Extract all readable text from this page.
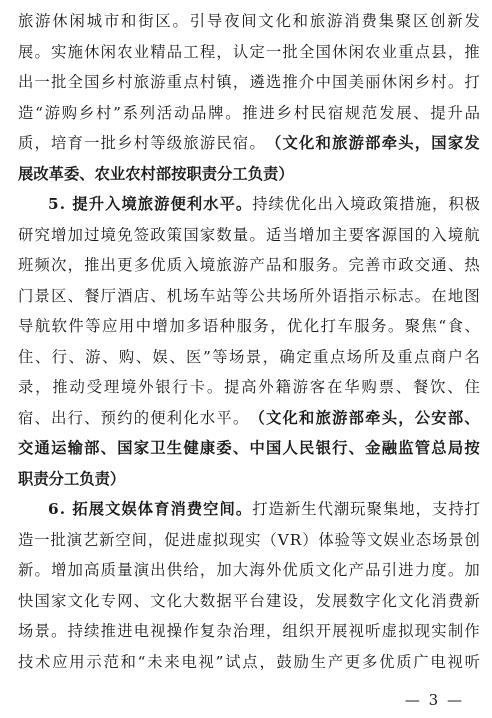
旅 游 休 闲 城 市 和 街 区 。 引 导 夜 间 文 化 和 旅 游 消 费 集 聚 区 创 新 发
展 。 实 施 休 闲 农 业 精 品 工 程 ， 认 定 一 批 全 国 休 闲 农 业 重 点 县 ， 推
出 一 批 全 国 乡 村 旅 游 重 点 村 镇 ， 遴 选 推 介 中 国 美 丽 休 闲 乡 村 。 打
造 “ 游 购 乡 村 ” 系 列 活 动 品 牌 。 推 进 乡 村 民 宿 规 范 发 展 、 提 升 品
质 ， 培 育 一 批 乡 村 等 级 旅 游 民 宿 。 （ 文 化 和 旅 游 部 牵 头 ， 国 家 发
展 改 革 委 、 农 业 农 村 部 按 职 责 分 工 负 责 ）
5 .
提 升 入 境 旅 游 便 利 水 平 。 持 续 优 化 出 入 境 政 策 措 施 ， 积 极
研 究 增 加 过 境 免 签 政 策 国 家 数 量 。 适 当 增 加 主 要 客 源 国 的 入 境 航
班 频 次 ， 推 出 更 多 优 质 入 境 旅 游 产 品 和 服 务 。 完 善 市 政 交 通 、 热
门 景 区 、 餐 厅 酒 店 、 机 场 车 站 等 公 共 场 所 外 语 指 示 标 志 。 在 地 图
导 航 软 件 等 应 用 中 增 加 多 语 种 服 务 ， 优 化 打 车 服 务 。 聚 焦 “ 食 、
住 、 行 、 游 、 购 、 娱 、 医 ” 等 场 景 ， 确 定 重 点 场 所 及 重 点 商 户 名
录 ， 推 动 受 理 境 外 银 行 卡 。 提 高 外 籍 游 客 在 华 购 票 、 餐 饮 、 住
宿 、 出 行 、 预 约 的 便 利 化 水 平 。 （ 文 化 和 旅 游 部 牵 头 ， 公 安 部 、
交 通 运 输 部 、 国 家 卫 生 健 康 委 、 中 国 人 民 银 行 、 金 融 监 管 总 局 按
职 责 分 工 负 责 ）
6 .
拓 展 文 娱 体 育 消 费 空 间 。 打 造 新 生 代 潮 玩 聚 集 地 ， 支 持 打
造 一 批 演 艺 新 空 间 ， 促 进 虚 拟 现 实 （ V R ） 体 验 等 文 娱 业 态 场 景 创
新 。 增 加 高 质 量 演 出 供 给 ， 加 大 海 外 优 质 文 化 产 品 引 进 力 度 。 加
快 国 家 文 化 专 网 、 文 化 大 数 据 平 台 建 设 ， 发 展 数 字 化 文 化 消 费 新
场 景 。 持 续 推 进 电 视 操 作 复 杂 治 理 ， 组 织 开 展 视 听 虚 拟 现 实 制 作
技 术 应 用 示 范 和 “ 未 来 电 视 ” 试 点 ， 鼓 励 生 产 更 多 优 质 广 电 视 听
— 3 —
